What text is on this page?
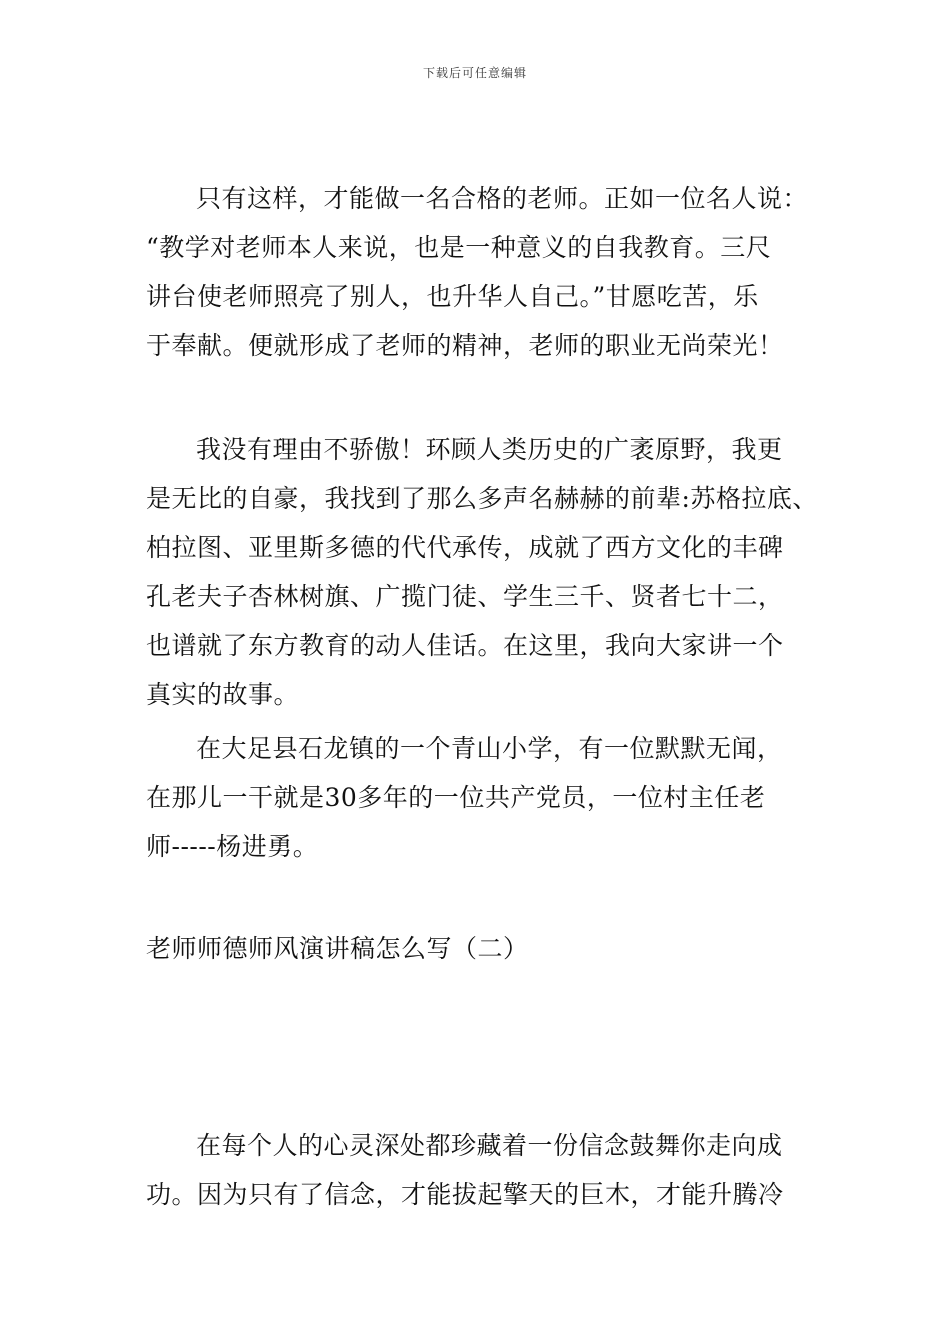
下载后可任意编辑
只有这样，才能做一名合格的老师。正如一位名人说：
“教学对老师本人来说，也是一种意义的自我教育。三尺
讲台使老师照亮了别人，也升华人自己。”甘愿吃苦，乐
于奉献。便就形成了老师的精神，老师的职业无尚荣光！
我没有理由不骄傲！环顾人类历史的广袤原野，我更
是无比的自豪，我找到了那么多声名赫赫的前辈:苏格拉底、
柏拉图、亚里斯多德的代代承传，成就了西方文化的丰碑
孔老夫子杏林树旗、广揽门徒、学生三千、贤者七十二，
也谱就了东方教育的动人佳话。在这里，我向大家讲一个
真实的故事。
在大足县石龙镇的一个青山小学，有一位默默无闻，
在那儿一干就是30多年的一位共产党员，一位村主任老
师-----杨进勇。
老师师德师风演讲稿怎么写（二）
在每个人的心灵深处都珍藏着一份信念鼓舞你走向成
功。因为只有了信念，才能拔起擎天的巨木，才能升腾冷
